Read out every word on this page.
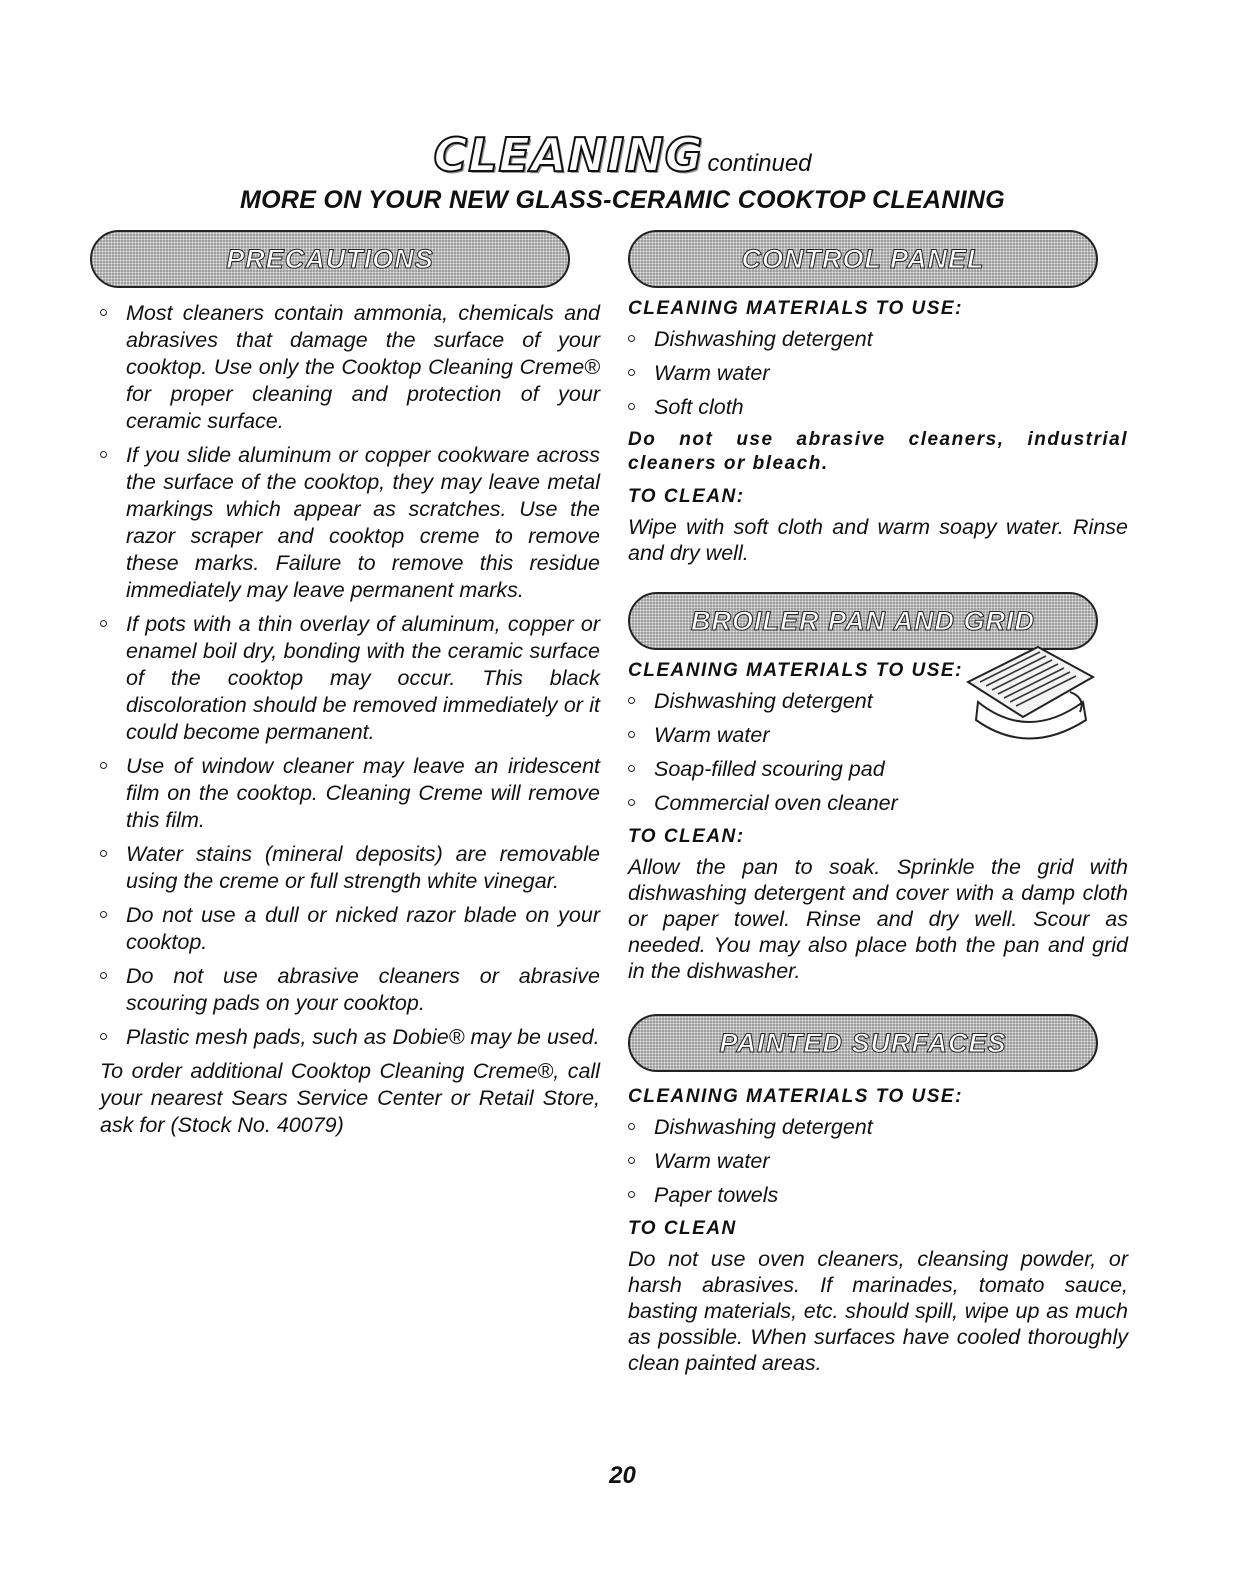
CLEANING continued
MORE ON YOUR NEW GLASS-CERAMIC COOKTOP CLEANING
PRECAUTIONS
Most cleaners contain ammonia, chemicals and abrasives that damage the surface of your cooktop. Use only the Cooktop Cleaning Creme® for proper cleaning and protection of your ceramic surface.
If you slide aluminum or copper cookware across the surface of the cooktop, they may leave metal markings which appear as scratches. Use the razor scraper and cooktop creme to remove these marks. Failure to remove this residue immediately may leave permanent marks.
If pots with a thin overlay of aluminum, copper or enamel boil dry, bonding with the ceramic surface of the cooktop may occur. This black discoloration should be removed immediately or it could become permanent.
Use of window cleaner may leave an iridescent film on the cooktop. Cleaning Creme will remove this film.
Water stains (mineral deposits) are removable using the creme or full strength white vinegar.
Do not use a dull or nicked razor blade on your cooktop.
Do not use abrasive cleaners or abrasive scouring pads on your cooktop.
Plastic mesh pads, such as Dobie® may be used.

To order additional Cooktop Cleaning Creme®, call your nearest Sears Service Center or Retail Store, ask for (Stock No. 40079)

CONTROL PANEL
CLEANING MATERIALS TO USE:
Dishwashing detergent
Warm water
Soft cloth
Do not use abrasive cleaners, industrial cleaners or bleach.
TO CLEAN:

Wipe with soft cloth and warm soapy water. Rinse and dry well.

BROILER PAN AND GRID
CLEANING MATERIALS TO USE:
Dishwashing detergent
Warm water
Soap-filled scouring pad
Commercial oven cleaner
TO CLEAN:

Allow the pan to soak. Sprinkle the grid with dishwashing detergent and cover with a damp cloth or paper towel. Rinse and dry well. Scour as needed. You may also place both the pan and grid in the dishwasher.

PAINTED SURFACES
CLEANING MATERIALS TO USE:
Dishwashing detergent
Warm water
Paper towels
TO CLEAN

Do not use oven cleaners, cleansing powder, or harsh abrasives. If marinades, tomato sauce, basting materials, etc. should spill, wipe up as much as possible. When surfaces have cooled thoroughly clean painted areas.

20
